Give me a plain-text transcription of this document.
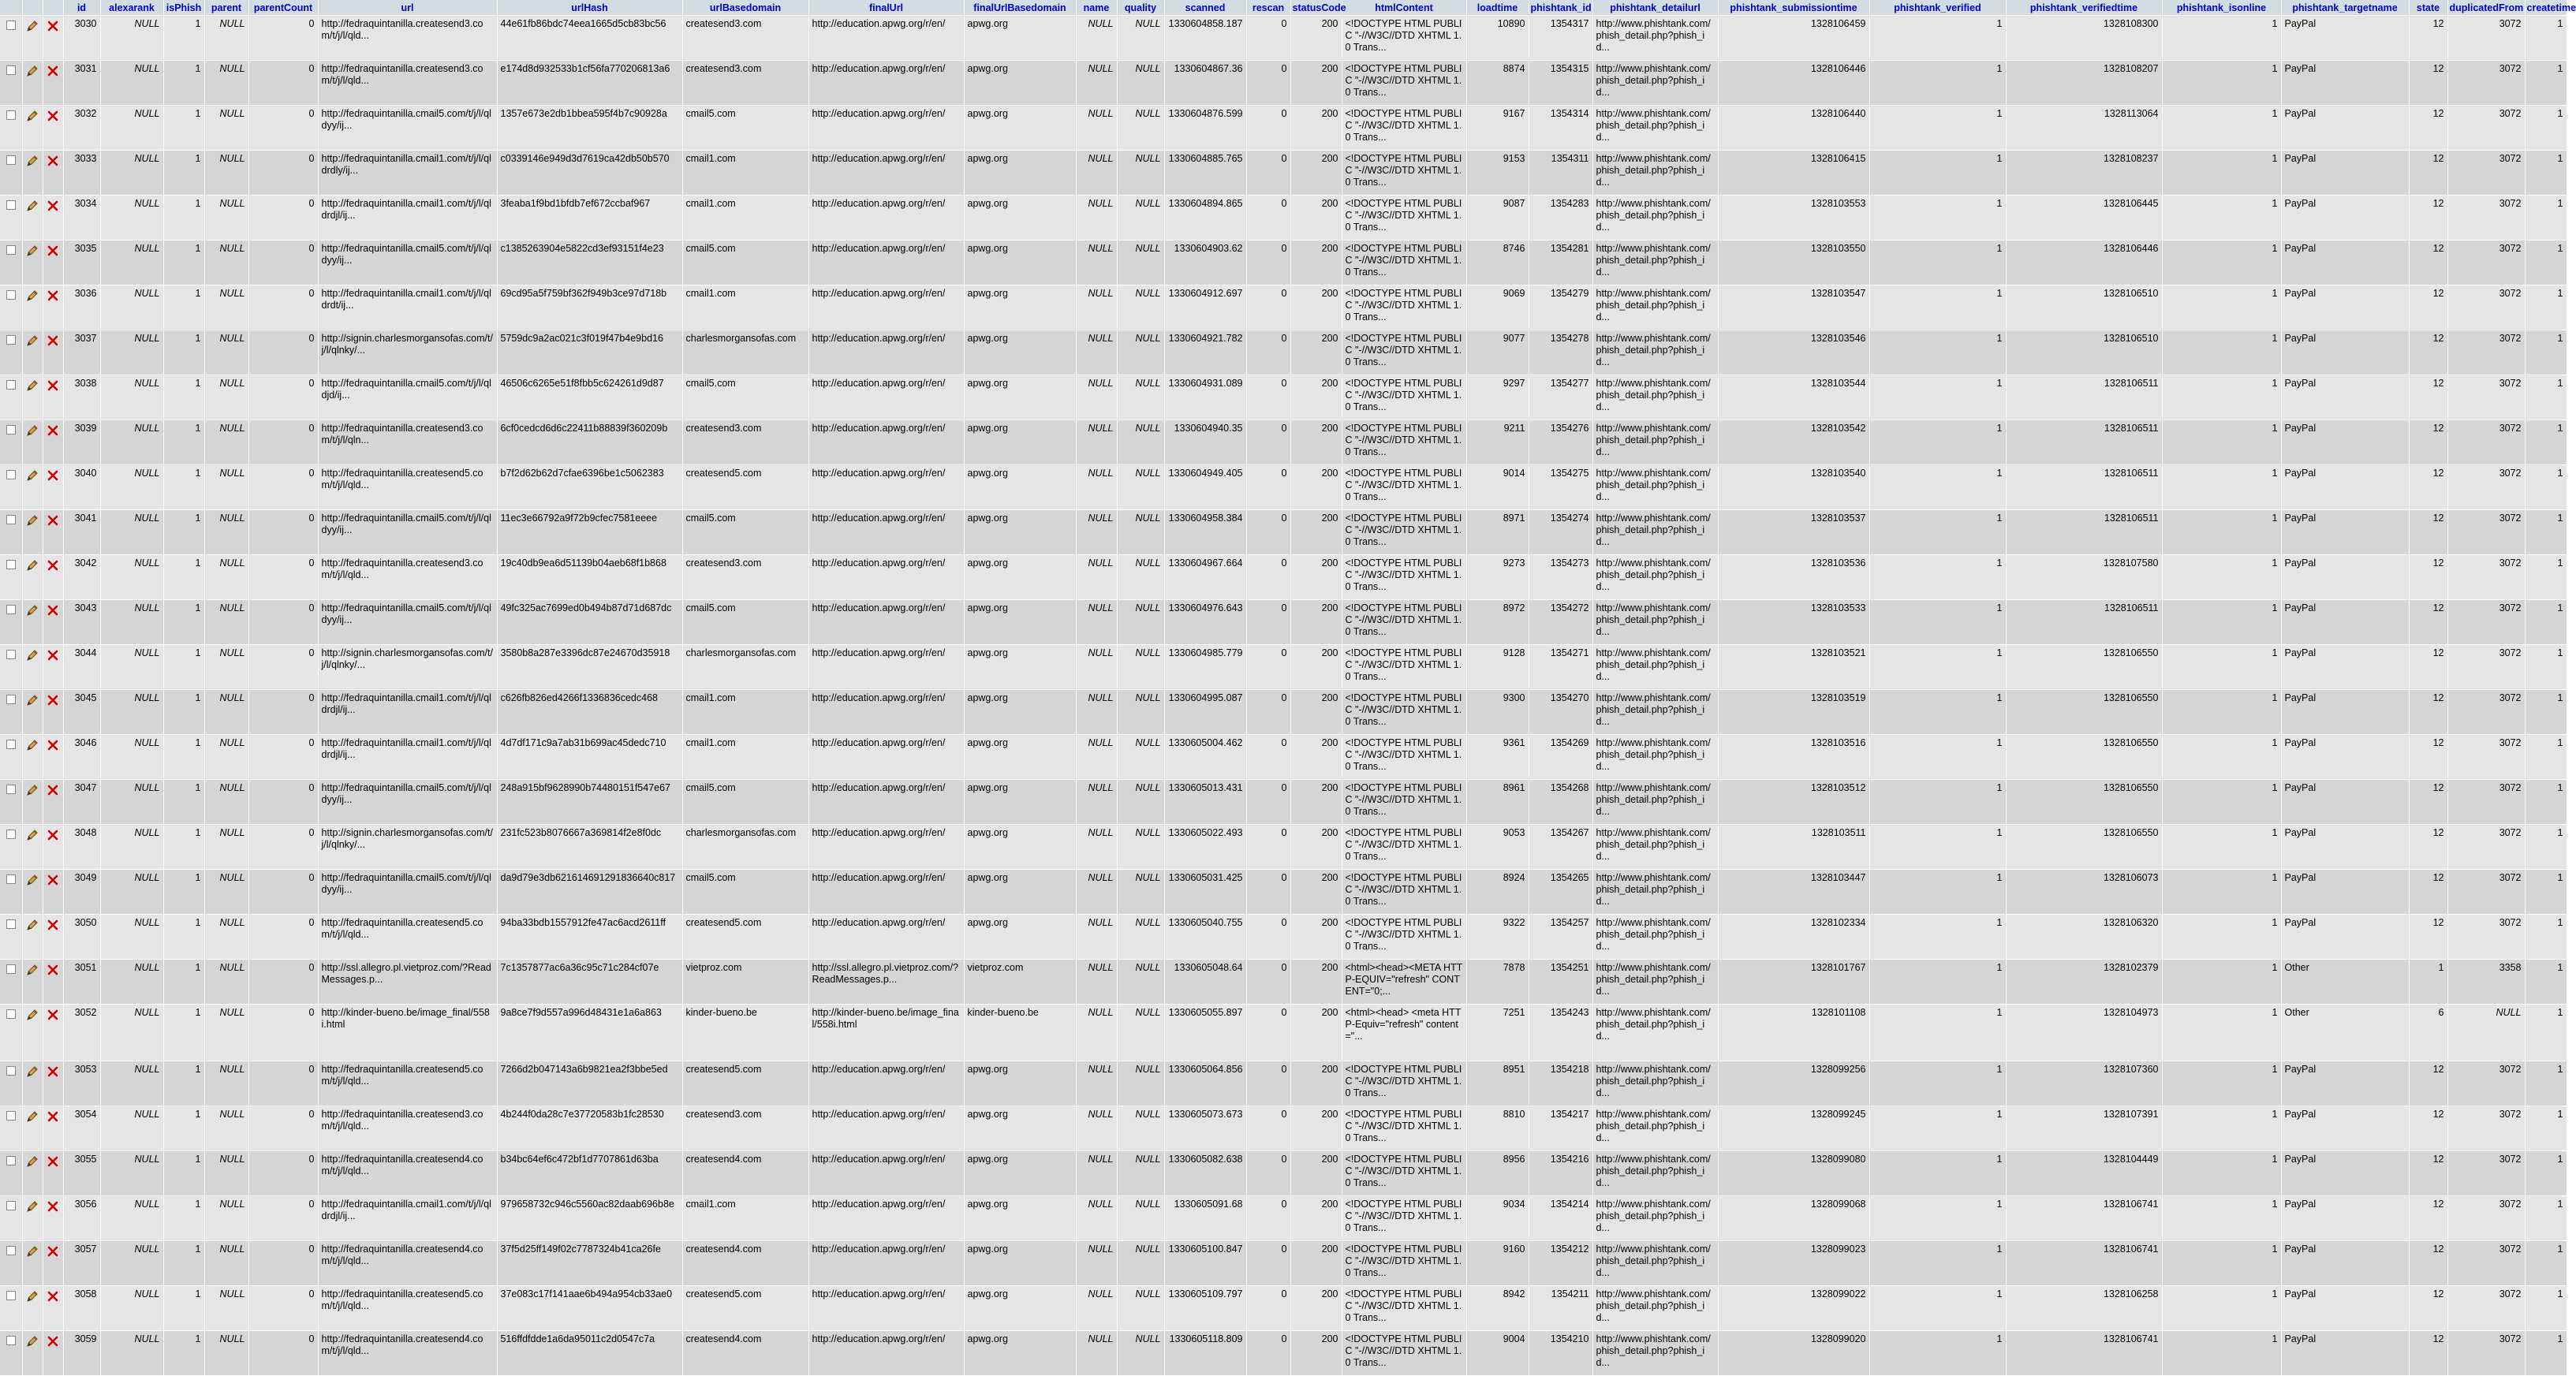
			id	alexarank	isPhish	parent	parentCount	url	urlHash	urlBasedomain	finalUrl	finalUrlBasedomain	name	quality	scanned	rescan	statusCode	htmlContent	loadtime	phishtank_id	phishtank_detailurl	phishtank_submissiontime	phishtank_verified	phishtank_verifiedtime	phishtank_isonline	phishtank_targetname	state	duplicatedFrom	createtime
			3030	NULL	1	NULL	0	http://fedraquintanilla.createsend3.com/t/j/l/qld...	44e61fb86bdc74eea1665d5cb83bc56	createsend3.com	http://education.apwg.org/r/en/	apwg.org	NULL	NULL	1330604858.187	0	200	<!DOCTYPE HTML PUBLIC "-//W3C//DTD XHTML 1.0 Trans...	10890	1354317	http://www.phishtank.com/phish_detail.php?phish_id...	1328106459	1	1328108300	1	PayPal	12	3072	1
			3031	NULL	1	NULL	0	http://fedraquintanilla.createsend3.com/t/j/l/qld...	e174d8d932533b1cf56fa770206813a6	createsend3.com	http://education.apwg.org/r/en/	apwg.org	NULL	NULL	1330604867.36	0	200	<!DOCTYPE HTML PUBLIC "-//W3C//DTD XHTML 1.0 Trans...	8874	1354315	http://www.phishtank.com/phish_detail.php?phish_id...	1328106446	1	1328108207	1	PayPal	12	3072	1
			3032	NULL	1	NULL	0	http://fedraquintanilla.cmail5.com/t/j/l/qldyy/ij...	1357e673e2db1bbea595f4b7c90928a	cmail5.com	http://education.apwg.org/r/en/	apwg.org	NULL	NULL	1330604876.599	0	200	<!DOCTYPE HTML PUBLIC "-//W3C//DTD XHTML 1.0 Trans...	9167	1354314	http://www.phishtank.com/phish_detail.php?phish_id...	1328106440	1	1328113064	1	PayPal	12	3072	1
			3033	NULL	1	NULL	0	http://fedraquintanilla.cmail1.com/t/j/l/qldrdly/ij...	c0339146e949d3d7619ca42db50b570	cmail1.com	http://education.apwg.org/r/en/	apwg.org	NULL	NULL	1330604885.765	0	200	<!DOCTYPE HTML PUBLIC "-//W3C//DTD XHTML 1.0 Trans...	9153	1354311	http://www.phishtank.com/phish_detail.php?phish_id...	1328106415	1	1328108237	1	PayPal	12	3072	1
			3034	NULL	1	NULL	0	http://fedraquintanilla.cmail1.com/t/j/l/qldrdjl/ij...	3feaba1f9bd1bfdb7ef672ccbaf967	cmail1.com	http://education.apwg.org/r/en/	apwg.org	NULL	NULL	1330604894.865	0	200	<!DOCTYPE HTML PUBLIC "-//W3C//DTD XHTML 1.0 Trans...	9087	1354283	http://www.phishtank.com/phish_detail.php?phish_id...	1328103553	1	1328106445	1	PayPal	12	3072	1
			3035	NULL	1	NULL	0	http://fedraquintanilla.cmail5.com/t/j/l/qldyy/ij...	c1385263904e5822cd3ef93151f4e23	cmail5.com	http://education.apwg.org/r/en/	apwg.org	NULL	NULL	1330604903.62	0	200	<!DOCTYPE HTML PUBLIC "-//W3C//DTD XHTML 1.0 Trans...	8746	1354281	http://www.phishtank.com/phish_detail.php?phish_id...	1328103550	1	1328106446	1	PayPal	12	3072	1
			3036	NULL	1	NULL	0	http://fedraquintanilla.cmail1.com/t/j/l/qldrdt/ij...	69cd95a5f759bf362f949b3ce97d718b	cmail1.com	http://education.apwg.org/r/en/	apwg.org	NULL	NULL	1330604912.697	0	200	<!DOCTYPE HTML PUBLIC "-//W3C//DTD XHTML 1.0 Trans...	9069	1354279	http://www.phishtank.com/phish_detail.php?phish_id...	1328103547	1	1328106510	1	PayPal	12	3072	1
			3037	NULL	1	NULL	0	http://signin.charlesmorgansofas.com/t/j/l/qlnky/...	5759dc9a2ac021c3f019f47b4e9bd16	charlesmorgansofas.com	http://education.apwg.org/r/en/	apwg.org	NULL	NULL	1330604921.782	0	200	<!DOCTYPE HTML PUBLIC "-//W3C//DTD XHTML 1.0 Trans...	9077	1354278	http://www.phishtank.com/phish_detail.php?phish_id...	1328103546	1	1328106510	1	PayPal	12	3072	1
			3038	NULL	1	NULL	0	http://fedraquintanilla.cmail5.com/t/j/l/qldjd/ij...	46506c6265e51f8fbb5c624261d9d87	cmail5.com	http://education.apwg.org/r/en/	apwg.org	NULL	NULL	1330604931.089	0	200	<!DOCTYPE HTML PUBLIC "-//W3C//DTD XHTML 1.0 Trans...	9297	1354277	http://www.phishtank.com/phish_detail.php?phish_id...	1328103544	1	1328106511	1	PayPal	12	3072	1
			3039	NULL	1	NULL	0	http://fedraquintanilla.createsend3.com/t/j/l/qln...	6cf0cedcd6d6c22411b88839f360209b	createsend3.com	http://education.apwg.org/r/en/	apwg.org	NULL	NULL	1330604940.35	0	200	<!DOCTYPE HTML PUBLIC "-//W3C//DTD XHTML 1.0 Trans...	9211	1354276	http://www.phishtank.com/phish_detail.php?phish_id...	1328103542	1	1328106511	1	PayPal	12	3072	1
			3040	NULL	1	NULL	0	http://fedraquintanilla.createsend5.com/t/j/l/qld...	b7f2d62b62d7cfae6396be1c5062383	createsend5.com	http://education.apwg.org/r/en/	apwg.org	NULL	NULL	1330604949.405	0	200	<!DOCTYPE HTML PUBLIC "-//W3C//DTD XHTML 1.0 Trans...	9014	1354275	http://www.phishtank.com/phish_detail.php?phish_id...	1328103540	1	1328106511	1	PayPal	12	3072	1
			3041	NULL	1	NULL	0	http://fedraquintanilla.cmail5.com/t/j/l/qldyy/ij...	11ec3e66792a9f72b9cfec7581eeee	cmail5.com	http://education.apwg.org/r/en/	apwg.org	NULL	NULL	1330604958.384	0	200	<!DOCTYPE HTML PUBLIC "-//W3C//DTD XHTML 1.0 Trans...	8971	1354274	http://www.phishtank.com/phish_detail.php?phish_id...	1328103537	1	1328106511	1	PayPal	12	3072	1
			3042	NULL	1	NULL	0	http://fedraquintanilla.createsend3.com/t/j/l/qld...	19c40db9ea6d51139b04aeb68f1b868	createsend3.com	http://education.apwg.org/r/en/	apwg.org	NULL	NULL	1330604967.664	0	200	<!DOCTYPE HTML PUBLIC "-//W3C//DTD XHTML 1.0 Trans...	9273	1354273	http://www.phishtank.com/phish_detail.php?phish_id...	1328103536	1	1328107580	1	PayPal	12	3072	1
			3043	NULL	1	NULL	0	http://fedraquintanilla.cmail5.com/t/j/l/qldyy/ij...	49fc325ac7699ed0b494b87d71d687dc	cmail5.com	http://education.apwg.org/r/en/	apwg.org	NULL	NULL	1330604976.643	0	200	<!DOCTYPE HTML PUBLIC "-//W3C//DTD XHTML 1.0 Trans...	8972	1354272	http://www.phishtank.com/phish_detail.php?phish_id...	1328103533	1	1328106511	1	PayPal	12	3072	1
			3044	NULL	1	NULL	0	http://signin.charlesmorgansofas.com/t/j/l/qlnky/...	3580b8a287e3396dc87e24670d35918	charlesmorgansofas.com	http://education.apwg.org/r/en/	apwg.org	NULL	NULL	1330604985.779	0	200	<!DOCTYPE HTML PUBLIC "-//W3C//DTD XHTML 1.0 Trans...	9128	1354271	http://www.phishtank.com/phish_detail.php?phish_id...	1328103521	1	1328106550	1	PayPal	12	3072	1
			3045	NULL	1	NULL	0	http://fedraquintanilla.cmail1.com/t/j/l/qldrdjl/ij...	c626fb826ed4266f1336836cedc468	cmail1.com	http://education.apwg.org/r/en/	apwg.org	NULL	NULL	1330604995.087	0	200	<!DOCTYPE HTML PUBLIC "-//W3C//DTD XHTML 1.0 Trans...	9300	1354270	http://www.phishtank.com/phish_detail.php?phish_id...	1328103519	1	1328106550	1	PayPal	12	3072	1
			3046	NULL	1	NULL	0	http://fedraquintanilla.cmail1.com/t/j/l/qldrdjl/ij...	4d7df171c9a7ab31b699ac45dedc710	cmail1.com	http://education.apwg.org/r/en/	apwg.org	NULL	NULL	1330605004.462	0	200	<!DOCTYPE HTML PUBLIC "-//W3C//DTD XHTML 1.0 Trans...	9361	1354269	http://www.phishtank.com/phish_detail.php?phish_id...	1328103516	1	1328106550	1	PayPal	12	3072	1
			3047	NULL	1	NULL	0	http://fedraquintanilla.cmail5.com/t/j/l/qldyy/ij...	248a915bf9628990b74480151f547e67	cmail5.com	http://education.apwg.org/r/en/	apwg.org	NULL	NULL	1330605013.431	0	200	<!DOCTYPE HTML PUBLIC "-//W3C//DTD XHTML 1.0 Trans...	8961	1354268	http://www.phishtank.com/phish_detail.php?phish_id...	1328103512	1	1328106550	1	PayPal	12	3072	1
			3048	NULL	1	NULL	0	http://signin.charlesmorgansofas.com/t/j/l/qlnky/...	231fc523b8076667a369814f2e8f0dc	charlesmorgansofas.com	http://education.apwg.org/r/en/	apwg.org	NULL	NULL	1330605022.493	0	200	<!DOCTYPE HTML PUBLIC "-//W3C//DTD XHTML 1.0 Trans...	9053	1354267	http://www.phishtank.com/phish_detail.php?phish_id...	1328103511	1	1328106550	1	PayPal	12	3072	1
			3049	NULL	1	NULL	0	http://fedraquintanilla.cmail5.com/t/j/l/qldyy/ij...	da9d79e3db621614691291836640c817	cmail5.com	http://education.apwg.org/r/en/	apwg.org	NULL	NULL	1330605031.425	0	200	<!DOCTYPE HTML PUBLIC "-//W3C//DTD XHTML 1.0 Trans...	8924	1354265	http://www.phishtank.com/phish_detail.php?phish_id...	1328103447	1	1328106073	1	PayPal	12	3072	1
			3050	NULL	1	NULL	0	http://fedraquintanilla.createsend5.com/t/j/l/qld...	94ba33bdb1557912fe47ac6acd2611ff	createsend5.com	http://education.apwg.org/r/en/	apwg.org	NULL	NULL	1330605040.755	0	200	<!DOCTYPE HTML PUBLIC "-//W3C//DTD XHTML 1.0 Trans...	9322	1354257	http://www.phishtank.com/phish_detail.php?phish_id...	1328102334	1	1328106320	1	PayPal	12	3072	1
			3051	NULL	1	NULL	0	http://ssl.allegro.pl.vietproz.com/?ReadMessages.p...	7c1357877ac6a36c95c71c284cf07e	vietproz.com	http://ssl.allegro.pl.vietproz.com/?ReadMessages.p...	vietproz.com	NULL	NULL	1330605048.64	0	200	<html><head><META HTTP-EQUIV="refresh" CONTENT="0;...	7878	1354251	http://www.phishtank.com/phish_detail.php?phish_id...	1328101767	1	1328102379	1	Other	1	3358	1
			3052	NULL	1	NULL	0	http://kinder-bueno.be/image_final/558i.html	9a8ce7f9d557a996d48431e1a6a863	kinder-bueno.be	http://kinder-bueno.be/image_final/558i.html	kinder-bueno.be	NULL	NULL	1330605055.897	0	200	<html><head> <meta HTTP-Equiv="refresh" content="...	7251	1354243	http://www.phishtank.com/phish_detail.php?phish_id...	1328101108	1	1328104973	1	Other	6	NULL	1
			3053	NULL	1	NULL	0	http://fedraquintanilla.createsend5.com/t/j/l/qld...	7266d2b047143a6b9821ea2f3bbe5ed	createsend5.com	http://education.apwg.org/r/en/	apwg.org	NULL	NULL	1330605064.856	0	200	<!DOCTYPE HTML PUBLIC "-//W3C//DTD XHTML 1.0 Trans...	8951	1354218	http://www.phishtank.com/phish_detail.php?phish_id...	1328099256	1	1328107360	1	PayPal	12	3072	1
			3054	NULL	1	NULL	0	http://fedraquintanilla.createsend3.com/t/j/l/qld...	4b244f0da28c7e37720583b1fc28530	createsend3.com	http://education.apwg.org/r/en/	apwg.org	NULL	NULL	1330605073.673	0	200	<!DOCTYPE HTML PUBLIC "-//W3C//DTD XHTML 1.0 Trans...	8810	1354217	http://www.phishtank.com/phish_detail.php?phish_id...	1328099245	1	1328107391	1	PayPal	12	3072	1
			3055	NULL	1	NULL	0	http://fedraquintanilla.createsend4.com/t/j/l/qld...	b34bc64ef6c472bf1d7707861d63ba	createsend4.com	http://education.apwg.org/r/en/	apwg.org	NULL	NULL	1330605082.638	0	200	<!DOCTYPE HTML PUBLIC "-//W3C//DTD XHTML 1.0 Trans...	8956	1354216	http://www.phishtank.com/phish_detail.php?phish_id...	1328099080	1	1328104449	1	PayPal	12	3072	1
			3056	NULL	1	NULL	0	http://fedraquintanilla.cmail1.com/t/j/l/qldrdjl/ij...	979658732c946c5560ac82daab696b8e	cmail1.com	http://education.apwg.org/r/en/	apwg.org	NULL	NULL	1330605091.68	0	200	<!DOCTYPE HTML PUBLIC "-//W3C//DTD XHTML 1.0 Trans...	9034	1354214	http://www.phishtank.com/phish_detail.php?phish_id...	1328099068	1	1328106741	1	PayPal	12	3072	1
			3057	NULL	1	NULL	0	http://fedraquintanilla.createsend4.com/t/j/l/qld...	37f5d25ff149f02c7787324b41ca26fe	createsend4.com	http://education.apwg.org/r/en/	apwg.org	NULL	NULL	1330605100.847	0	200	<!DOCTYPE HTML PUBLIC "-//W3C//DTD XHTML 1.0 Trans...	9160	1354212	http://www.phishtank.com/phish_detail.php?phish_id...	1328099023	1	1328106741	1	PayPal	12	3072	1
			3058	NULL	1	NULL	0	http://fedraquintanilla.createsend5.com/t/j/l/qld...	37e083c17f141aae6b494a954cb33ae0	createsend5.com	http://education.apwg.org/r/en/	apwg.org	NULL	NULL	1330605109.797	0	200	<!DOCTYPE HTML PUBLIC "-//W3C//DTD XHTML 1.0 Trans...	8942	1354211	http://www.phishtank.com/phish_detail.php?phish_id...	1328099022	1	1328106258	1	PayPal	12	3072	1
			3059	NULL	1	NULL	0	http://fedraquintanilla.createsend4.com/t/j/l/qld...	516ffdfdde1a6da95011c2d0547c7a	createsend4.com	http://education.apwg.org/r/en/	apwg.org	NULL	NULL	1330605118.809	0	200	<!DOCTYPE HTML PUBLIC "-//W3C//DTD XHTML 1.0 Trans...	9004	1354210	http://www.phishtank.com/phish_detail.php?phish_id...	1328099020	1	1328106741	1	PayPal	12	3072	1
